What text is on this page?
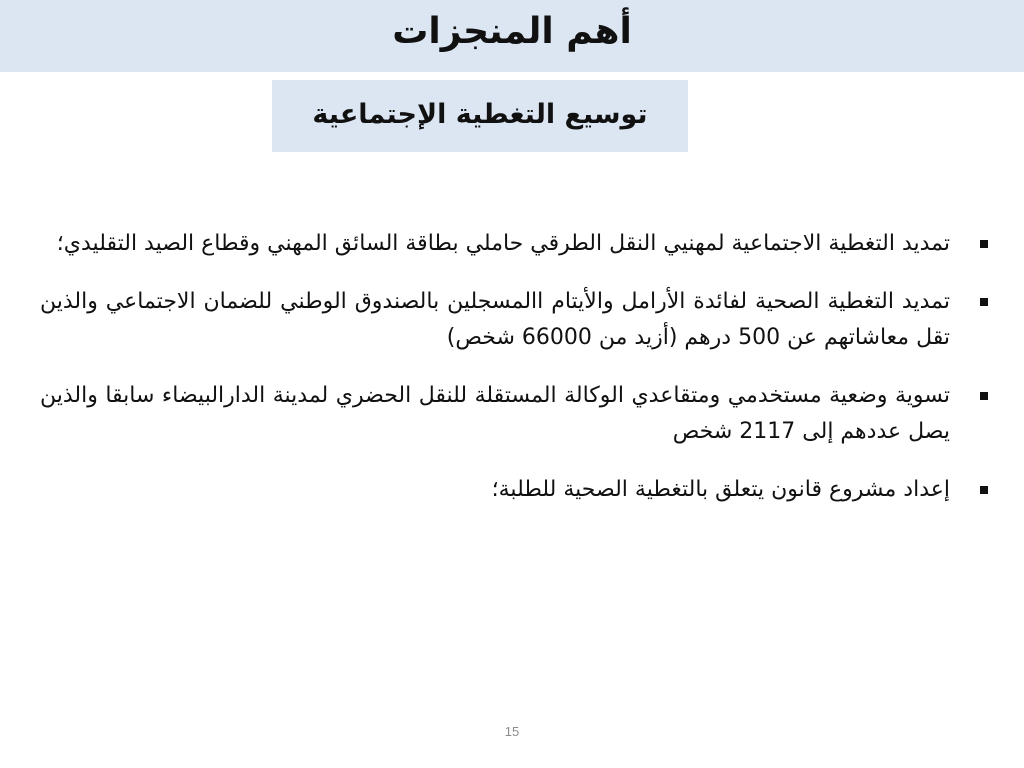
أهم المنجزات
توسيع التغطية الإجتماعية
تمديد التغطية الاجتماعية لمهنيي النقل الطرقي حاملي بطاقة السائق المهني وقطاع الصيد التقليدي؛
تمديد التغطية الصحية لفائدة الأرامل والأيتام االمسجلين بالصندوق الوطني للضمان الاجتماعي والذين تقل معاشاتهم عن 500 درهم (أزيد من 66000 شخص)
تسوية وضعية مستخدمي ومتقاعدي الوكالة المستقلة للنقل الحضري لمدينة الدارالبيضاء سابقا والذين يصل عددهم إلى 2117 شخص
إعداد مشروع قانون يتعلق بالتغطية الصحية للطلبة؛
15
